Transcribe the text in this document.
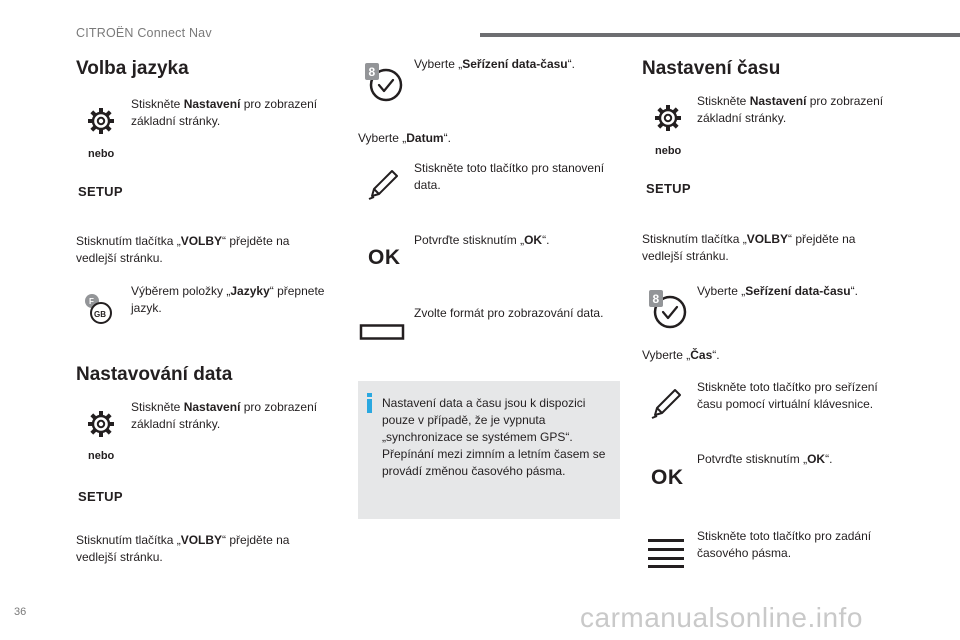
CITROËN Connect Nav
Volba jazyka
Stiskněte Nastavení pro zobrazení základní stránky.
nebo
SETUP
Stisknutím tlačítka „VOLBY“ přejděte na vedlejší stránku.
F
GB
Výběrem položky „Jazyky“ přepnete jazyk.
Nastavování data
Stiskněte Nastavení pro zobrazení základní stránky.
nebo
SETUP
Stisknutím tlačítka „VOLBY“ přejděte na vedlejší stránku.
8
Vyberte „Seřízení data-času“.
Vyberte „Datum“.
Stiskněte toto tlačítko pro stanovení data.
OK
Potvrďte stisknutím „OK“.
Zvolte formát pro zobrazování data.
Nastavení data a času jsou k dispozici pouze v případě, že je vypnuta „synchronizace se systémem GPS“. Přepínání mezi zimním a letním časem se provádí změnou časového pásma.
Nastavení času
Stiskněte Nastavení pro zobrazení základní stránky.
nebo
SETUP
Stisknutím tlačítka „VOLBY“ přejděte na vedlejší stránku.
8
Vyberte „Seřízení data-času“.
Vyberte „Čas“.
Stiskněte toto tlačítko pro seřízení času pomocí virtuální klávesnice.
OK
Potvrďte stisknutím „OK“.
Stiskněte toto tlačítko pro zadání časového pásma.
36	carmanualsonline.info
